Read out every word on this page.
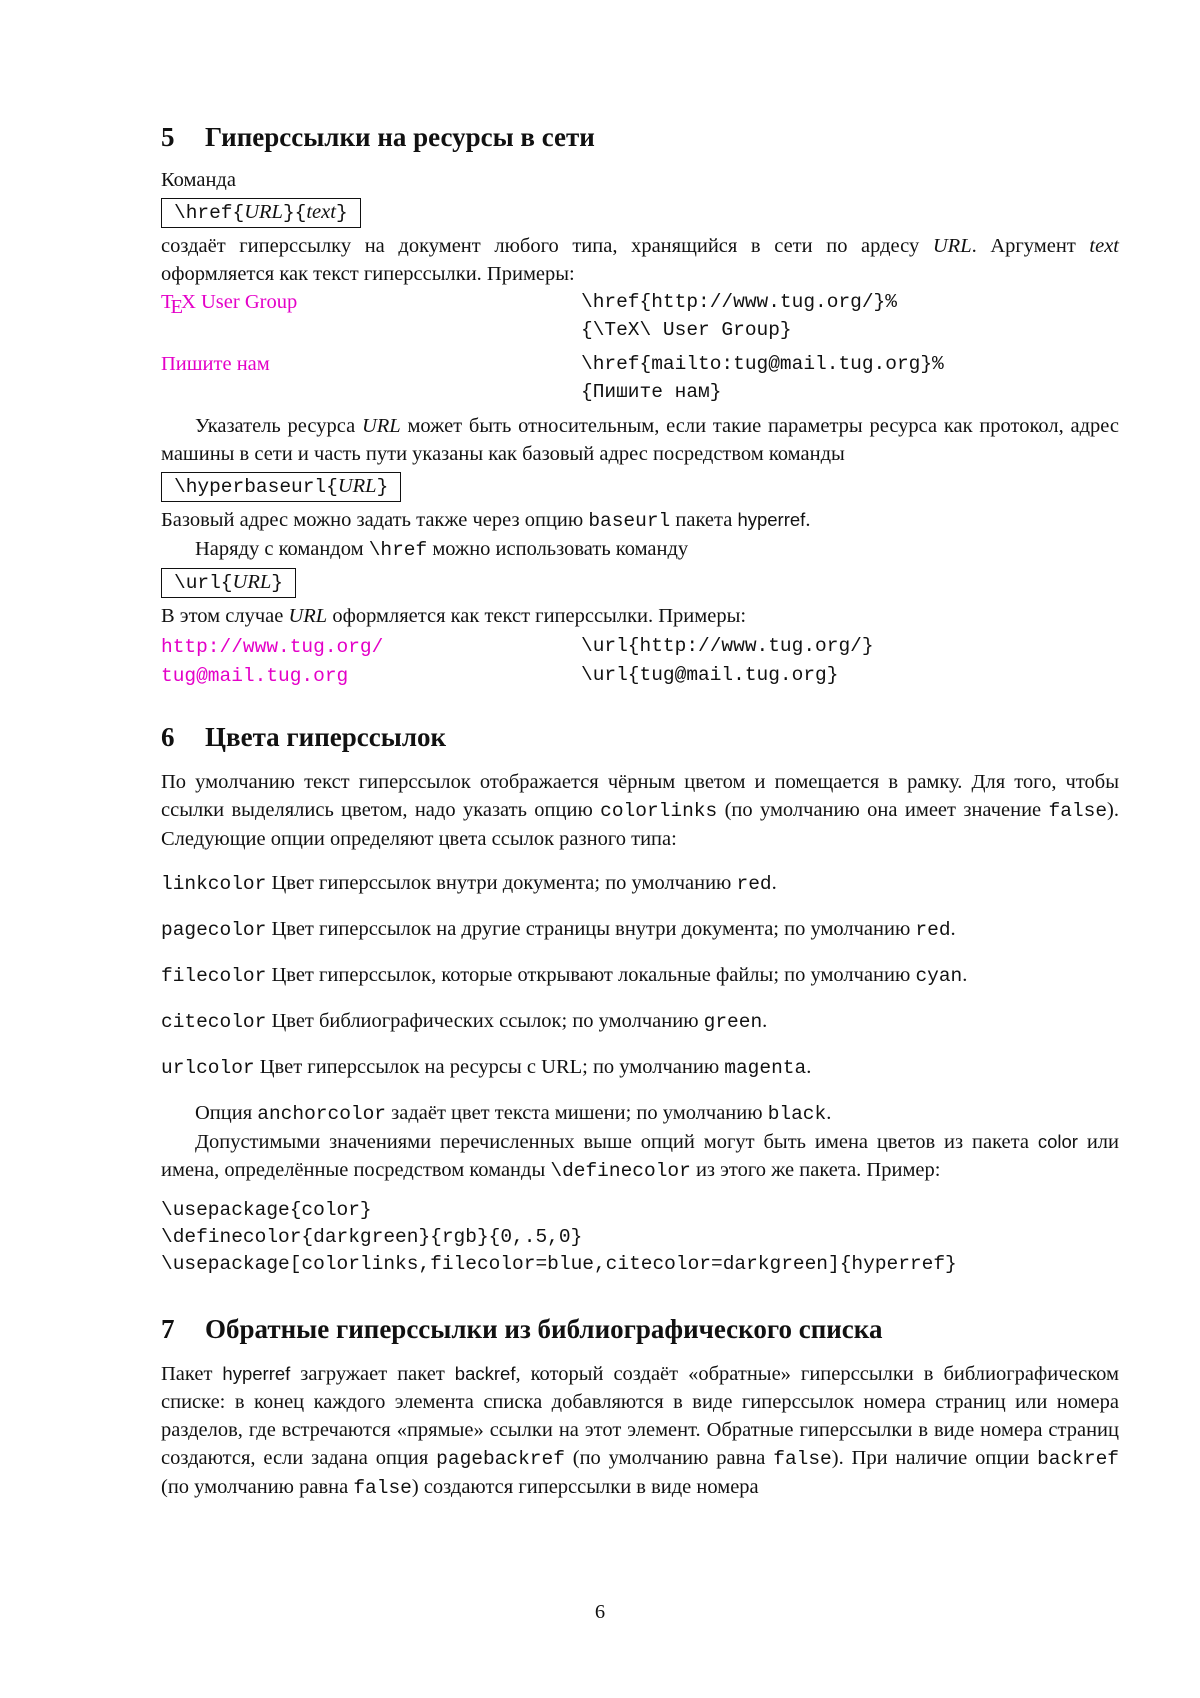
5 Гиперссылки на ресурсы в сети

Команда

\href{URL}{text}

создаёт гиперссылку на документ любого типа, хранящийся в сети по ардесу URL. Аргумент text оформляется как текст гиперссылки. Примеры:

TEX User Group	\href{http://www.tug.org/}%
{\TeX\ User Group}
Пишите нам	\href{mailto:tug@mail.tug.org}%
{Пишите нам}

Указатель ресурса URL может быть относительным, если такие параметры ресурса как протокол, адрес машины в сети и часть пути указаны как базовый адрес посредством команды

\hyperbaseurl{URL}

Базовый адрес можно задать также через опцию baseurl пакета hyperref.

Наряду с командом \href можно использовать команду

\url{URL}

В этом случае URL оформляется как текст гиперссылки. Примеры:

http://www.tug.org/	\url{http://www.tug.org/}
tug@mail.tug.org	\url{tug@mail.tug.org}
6 Цвета гиперссылок

По умолчанию текст гиперссылок отображается чёрным цветом и помещается в рамку. Для того, чтобы ссылки выделялись цветом, надо указать опцию colorlinks (по умолчанию она имеет значение false). Следующие опции определяют цвета ссылок разного типа:

linkcolor Цвет гиперссылок внутри документа; по умолчанию red.

pagecolor Цвет гиперссылок на другие страницы внутри документа; по умолчанию red.

filecolor Цвет гиперссылок, которые открывают локальные файлы; по умолчанию cyan.

citecolor Цвет библиографических ссылок; по умолчанию green.

urlcolor Цвет гиперссылок на ресурсы с URL; по умолчанию magenta.

Опция anchorcolor задаёт цвет текста мишени; по умолчанию black.

Допустимыми значениями перечисленных выше опций могут быть имена цветов из пакета color или имена, определённые посредством команды \definecolor из этого же пакета. Пример:

\usepackage{color}
\definecolor{darkgreen}{rgb}{0,.5,0}
\usepackage[colorlinks,filecolor=blue,citecolor=darkgreen]{hyperref}
7 Обратные гиперссылки из библиографического списка

Пакет hyperref загружает пакет backref, который создаёт «обратные» гиперссылки в библиографическом списке: в конец каждого элемента списка добавляются в виде гиперссылок номера страниц или номера разделов, где встречаются «прямые» ссылки на этот элемент. Обратные гиперссылки в виде номера страниц создаются, если задана опция pagebackref (по умолчанию равна false). При наличие опции backref (по умолчанию равна false) создаются гиперссылки в виде номера

6
